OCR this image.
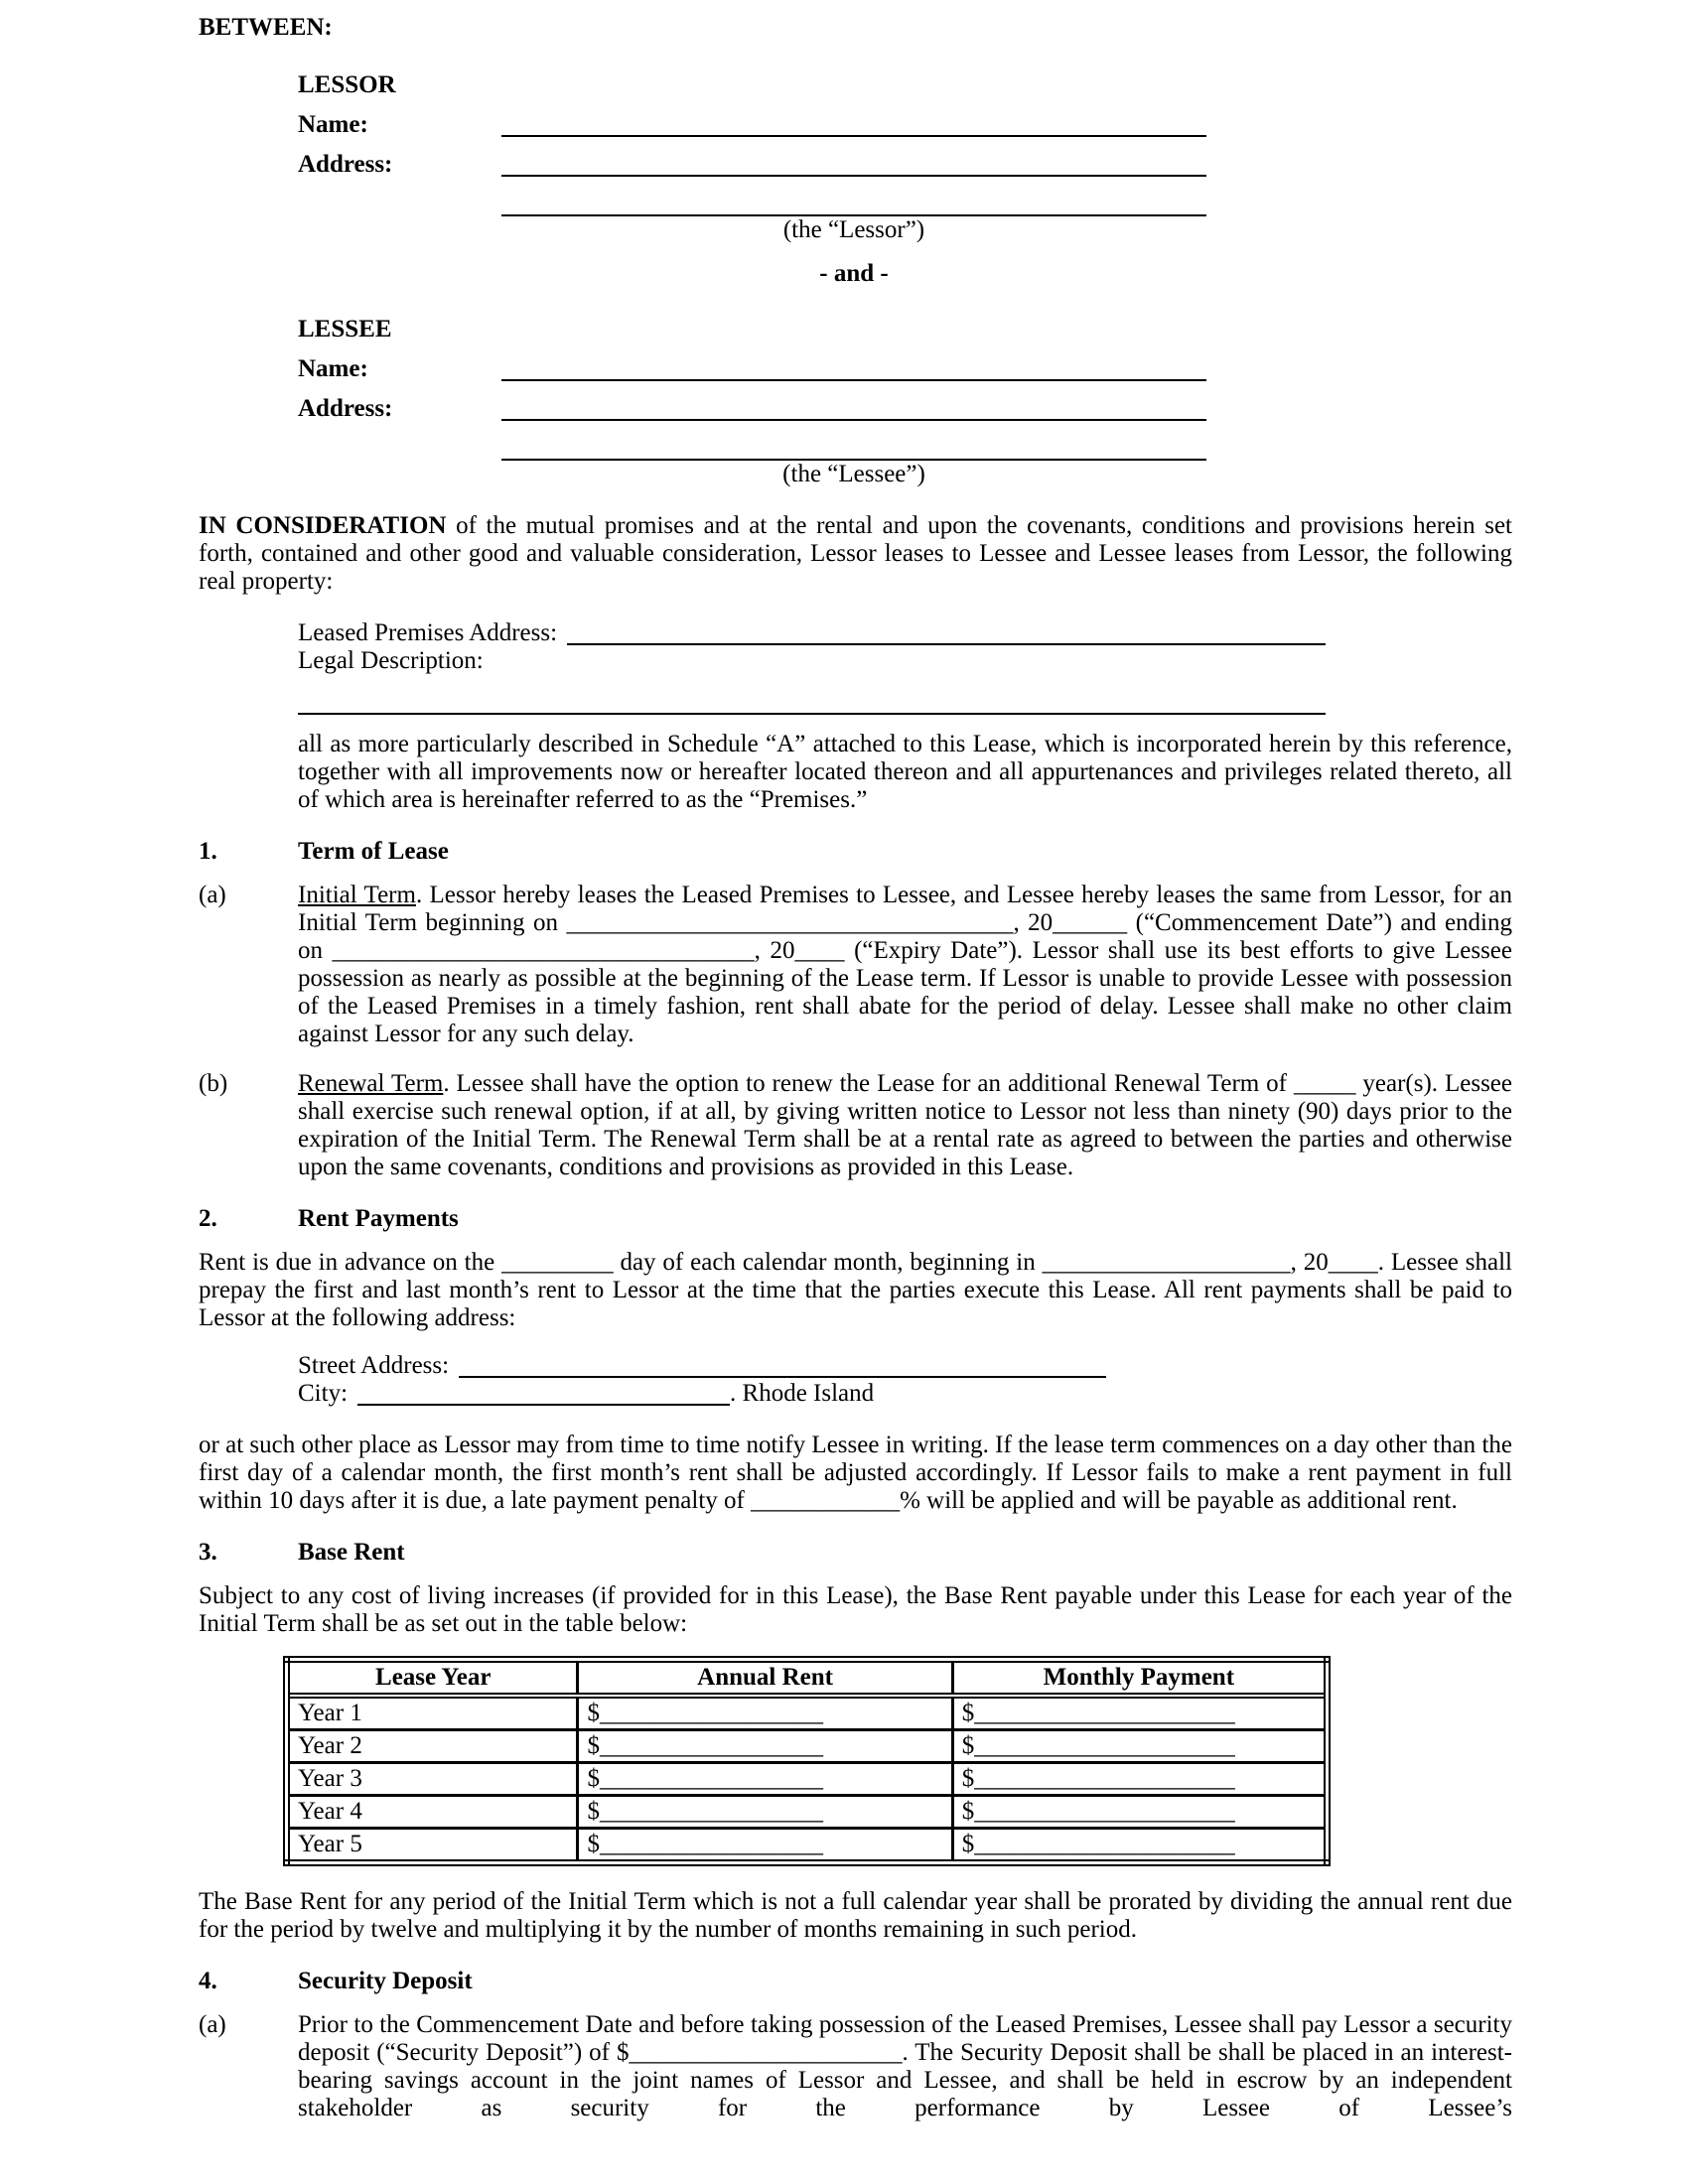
BETWEEN:
LESSOR
Name:
Address:
(the “Lessor”)
- and -
LESSEE
Name:
Address:
(the “Lessee”)

IN CONSIDERATION of the mutual promises and at the rental and upon the covenants, conditions and provisions herein set forth, contained and other good and valuable consideration, Lessor leases to Lessee and Lessee leases from Lessor, the following real property:

Leased Premises Address:
Legal Description:

all as more particularly described in Schedule “A” attached to this Lease, which is incorporated herein by this reference, together with all improvements now or hereafter located thereon and all appurtenances and privileges related thereto, all of which area is hereinafter referred to as the “Premises.”

1.	Term of Lease
(a)	Initial Term. Lessor hereby leases the Leased Premises to Lessee, and Lessee hereby leases the same from Lessor, for an Initial Term beginning on ____________________________________, 20______ (“Commencement Date”) and ending on __________________________________, 20____ (“Expiry Date”). Lessor shall use its best efforts to give Lessee possession as nearly as possible at the beginning of the Lease term. If Lessor is unable to provide Lessee with possession of the Leased Premises in a timely fashion, rent shall abate for the period of delay. Lessee shall make no other claim against Lessor for any such delay.

(b)	Renewal Term. Lessee shall have the option to renew the Lease for an additional Renewal Term of _____ year(s). Lessee shall exercise such renewal option, if at all, by giving written notice to Lessor not less than ninety (90) days prior to the expiration of the Initial Term. The Renewal Term shall be at a rental rate as agreed to between the parties and otherwise upon the same covenants, conditions and provisions as provided in this Lease.

2.	Rent Payments

Rent is due in advance on the _________ day of each calendar month, beginning in ____________________, 20____. Lessee shall prepay the first and last month’s rent to Lessor at the time that the parties execute this Lease. All rent payments shall be paid to Lessor at the following address:

Street Address:
City:	. Rhode Island

or at such other place as Lessor may from time to time notify Lessee in writing. If the lease term commences on a day other than the first day of a calendar month, the first month’s rent shall be adjusted accordingly. If Lessor fails to make a rent payment in full within 10 days after it is due, a late payment penalty of ____________% will be applied and will be payable as additional rent.

3.	Base Rent

Subject to any cost of living increases (if provided for in this Lease), the Base Rent payable under this Lease for each year of the Initial Term shall be as set out in the table below:

Lease Year	Annual Rent	Monthly Payment
Year 1	$__________________	$_____________________
Year 2	$__________________	$_____________________
Year 3	$__________________	$_____________________
Year 4	$__________________	$_____________________
Year 5	$__________________	$_____________________

The Base Rent for any period of the Initial Term which is not a full calendar year shall be prorated by dividing the annual rent due for the period by twelve and multiplying it by the number of months remaining in such period.

4.	Security Deposit
(a)	Prior to the Commencement Date and before taking possession of the Leased Premises, Lessee shall pay Lessor a security deposit (“Security Deposit”) of $______________________. The Security Deposit shall be shall be placed in an interest-bearing savings account in the joint names of Lessor and Lessee, and shall be held in escrow by an independent stakeholder as security for the performance by Lessee of Lessee’s
